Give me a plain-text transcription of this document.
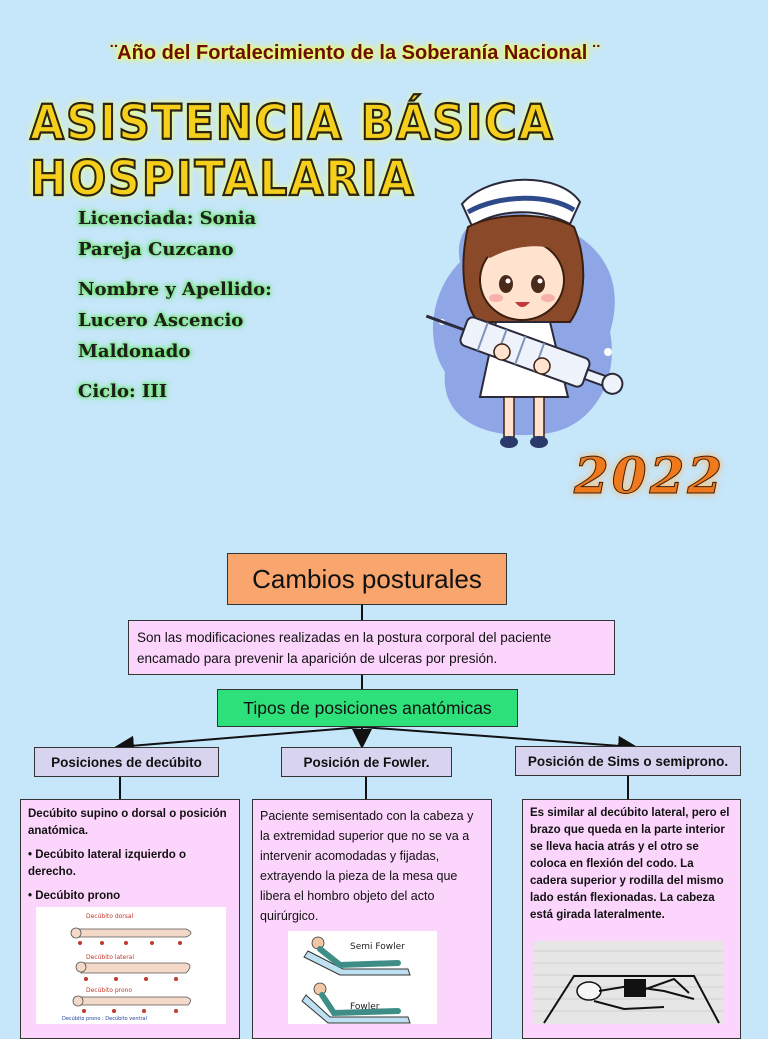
¨Año del Fortalecimiento de la Soberanía Nacional ¨
ASISTENCIA BÁSICA HOSPITALARIA
Licenciada: Sonia
Pareja Cuzcano
Nombre y Apellido:
Lucero Ascencio
Maldonado
Ciclo: III
2022
Cambios posturales
Son las modificaciones realizadas en la postura corporal del paciente encamado para prevenir la aparición de ulceras por presión.
Tipos de posiciones anatómicas
Posiciones de decúbito	Posición de Fowler.	Posición de Sims o semiprono.

Decúbito supino o dorsal o posición anatómica.

• Decúbito lateral izquierdo o derecho.

• Decúbito prono

Decúbito dorsal
Decúbito lateral
Decúbito prono
Decúbito prono : Decúbito ventral
Paciente semisentado con la cabeza y la extremidad superior que no se va a intervenir acomodadas y fijadas, extrayendo la pieza de la mesa que libera el hombro objeto del acto quirúrgico.
Semi Fowler
Fowler
Es similar al decúbito lateral, pero el brazo que queda en la parte interior se lleva hacia atrás y el otro se coloca en flexión del codo. La cadera superior y rodilla del mismo lado están flexionadas. La cabeza está girada lateralmente.
